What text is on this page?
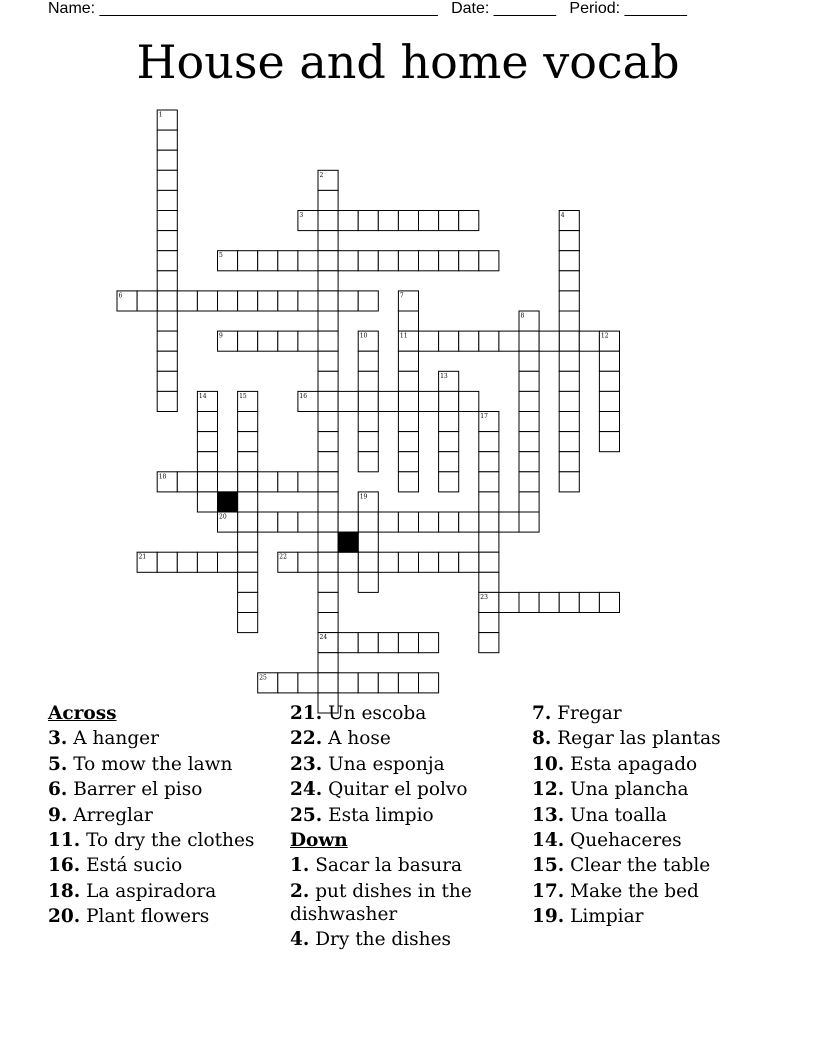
Name: ______________________________________ Date: _______ Period: _______
House and home vocab
1
2
3	4
5
6	7
8
9	10	11	12
13
14	15	16
17
18
19
20
21	22
23
24
25
Across
3. A hanger
5. To mow the lawn
6. Barrer el piso
9. Arreglar
11. To dry the clothes
16. Está sucio
18. La aspiradora
20. Plant flowers
21. Un escoba
22. A hose
23. Una esponja
24. Quitar el polvo
25. Esta limpio
Down
1. Sacar la basura
2. put dishes in the dishwasher
4. Dry the dishes
7. Fregar
8. Regar las plantas
10. Esta apagado
12. Una plancha
13. Una toalla
14. Quehaceres
15. Clear the table
17. Make the bed
19. Limpiar
